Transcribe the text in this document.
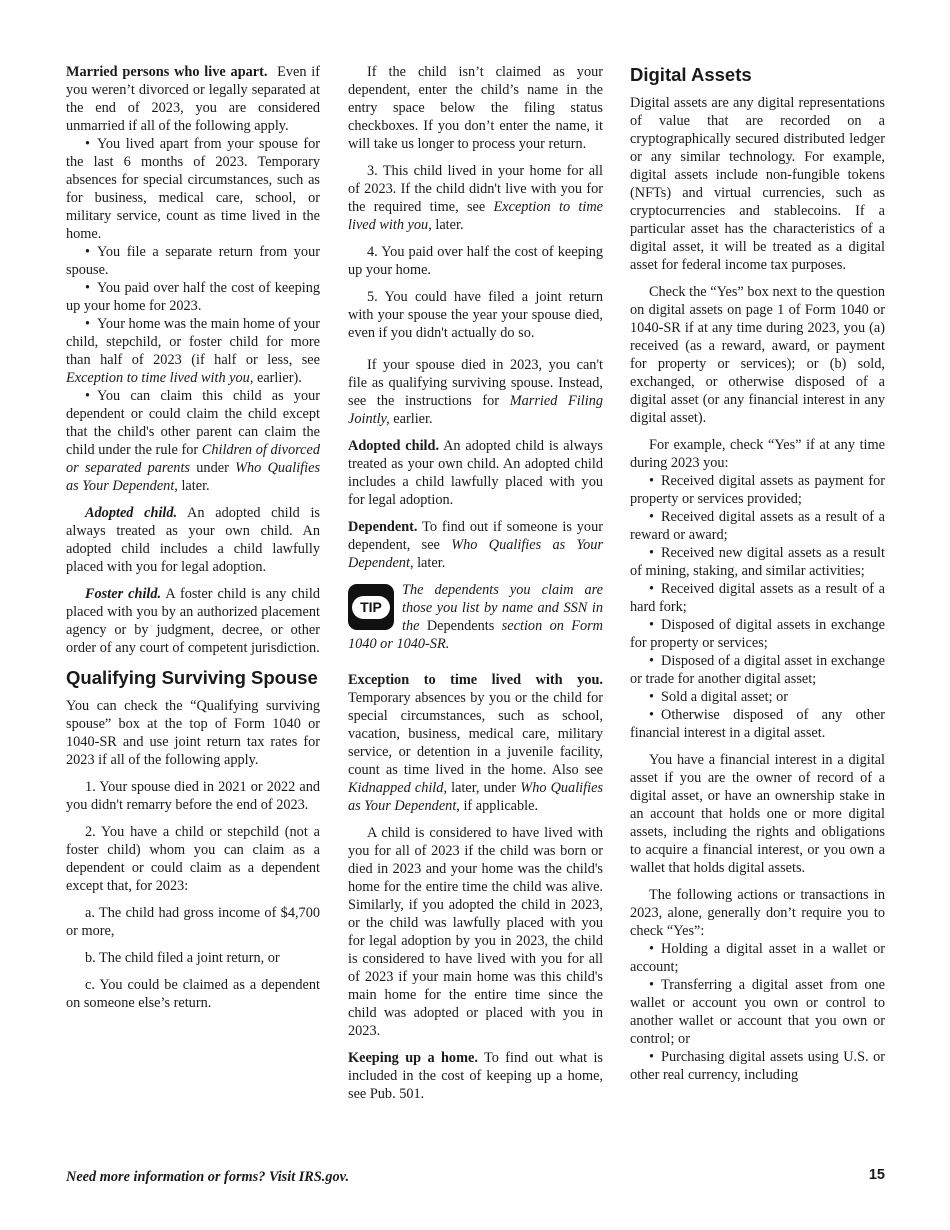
Married persons who live apart. Even if you weren’t divorced or legally separated at the end of 2023, you are considered unmarried if all of the following apply.

• You lived apart from your spouse for the last 6 months of 2023. Temporary absences for special circumstances, such as for business, medical care, school, or military service, count as time lived in the home.

• You file a separate return from your spouse.

• You paid over half the cost of keeping up your home for 2023.

• Your home was the main home of your child, stepchild, or foster child for more than half of 2023 (if half or less, see Exception to time lived with you, earlier).

• You can claim this child as your dependent or could claim the child except that the child's other parent can claim the child under the rule for Children of divorced or separated parents under Who Qualifies as Your Dependent, later.

Adopted child. An adopted child is always treated as your own child. An adopted child includes a child lawfully placed with you for legal adoption.

Foster child. A foster child is any child placed with you by an authorized placement agency or by judgment, decree, or other order of any court of competent jurisdiction.

Qualifying Surviving Spouse

You can check the “Qualifying surviving spouse” box at the top of Form 1040 or 1040-SR and use joint return tax rates for 2023 if all of the following apply.

1. Your spouse died in 2021 or 2022 and you didn't remarry before the end of 2023.

2. You have a child or stepchild (not a foster child) whom you can claim as a dependent or could claim as a dependent except that, for 2023:

a. The child had gross income of $4,700 or more,

b. The child filed a joint return, or

c. You could be claimed as a dependent on someone else’s return.

If the child isn’t claimed as your dependent, enter the child’s name in the entry space below the filing status checkboxes. If you don’t enter the name, it will take us longer to process your return.

3. This child lived in your home for all of 2023. If the child didn't live with you for the required time, see Exception to time lived with you, later.

4. You paid over half the cost of keeping up your home.

5. You could have filed a joint return with your spouse the year your spouse died, even if you didn't actually do so.

If your spouse died in 2023, you can't file as qualifying surviving spouse. Instead, see the instructions for Married Filing Jointly, earlier.

Adopted child. An adopted child is always treated as your own child. An adopted child includes a child lawfully placed with you for legal adoption.

Dependent. To find out if someone is your dependent, see Who Qualifies as Your Dependent, later.

TIP

The dependents you claim are those you list by name and SSN in the Dependents section on Form 1040 or 1040-SR.

Exception to time lived with you. Temporary absences by you or the child for special circumstances, such as school, vacation, business, medical care, military service, or detention in a juvenile facility, count as time lived in the home. Also see Kidnapped child, later, under Who Qualifies as Your Dependent, if applicable.

A child is considered to have lived with you for all of 2023 if the child was born or died in 2023 and your home was the child's home for the entire time the child was alive. Similarly, if you adopted the child in 2023, or the child was lawfully placed with you for legal adoption by you in 2023, the child is considered to have lived with you for all of 2023 if your main home was this child's main home for the entire time since the child was adopted or placed with you in 2023.

Keeping up a home. To find out what is included in the cost of keeping up a home, see Pub. 501.

Digital Assets

Digital assets are any digital representations of value that are recorded on a cryptographically secured distributed ledger or any similar technology. For example, digital assets include non-fungible tokens (NFTs) and virtual currencies, such as cryptocurrencies and stablecoins. If a particular asset has the characteristics of a digital asset, it will be treated as a digital asset for federal income tax purposes.

Check the “Yes” box next to the question on digital assets on page 1 of Form 1040 or 1040-SR if at any time during 2023, you (a) received (as a reward, award, or payment for property or services); or (b) sold, exchanged, or otherwise disposed of a digital asset (or any financial interest in any digital asset).

For example, check “Yes” if at any time during 2023 you:

• Received digital assets as payment for property or services provided;

• Received digital assets as a result of a reward or award;

• Received new digital assets as a result of mining, staking, and similar activities;

• Received digital assets as a result of a hard fork;

• Disposed of digital assets in exchange for property or services;

• Disposed of a digital asset in exchange or trade for another digital asset;

• Sold a digital asset; or

• Otherwise disposed of any other financial interest in a digital asset.

You have a financial interest in a digital asset if you are the owner of record of a digital asset, or have an ownership stake in an account that holds one or more digital assets, including the rights and obligations to acquire a financial interest, or you own a wallet that holds digital assets.

The following actions or transactions in 2023, alone, generally don’t require you to check “Yes”:

• Holding a digital asset in a wallet or account;

• Transferring a digital asset from one wallet or account you own or control to another wallet or account that you own or control; or

• Purchasing digital assets using U.S. or other real currency, including

Need more information or forms? Visit IRS.gov.	15
